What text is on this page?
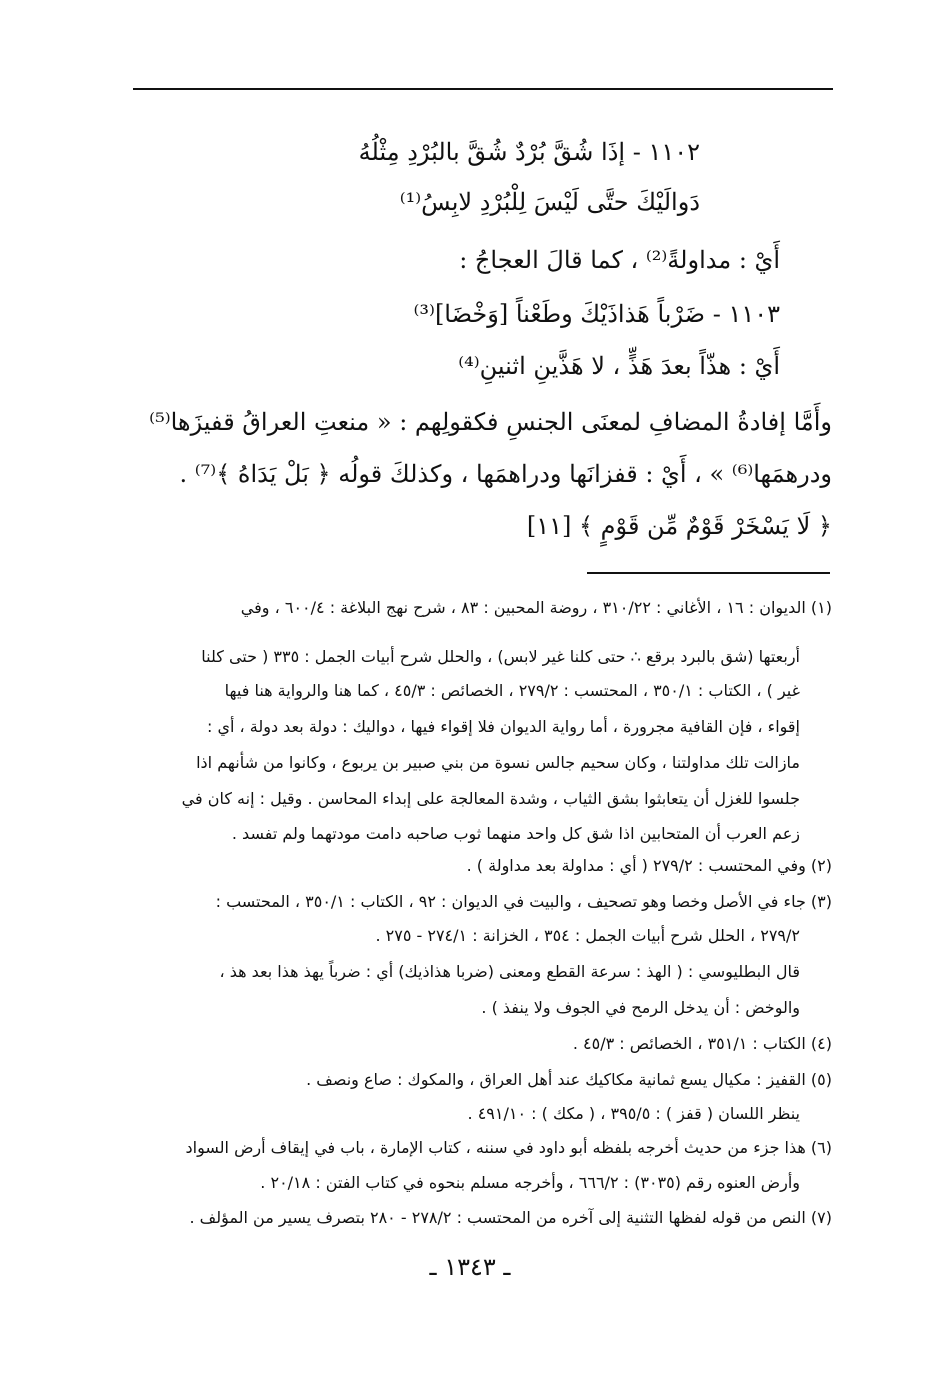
١١٠٢ - إذَا شُقَّ بُرْدٌ شُقَّ بالبُرْدِ مِثْلُهُ
دَوالَيْكَ حتَّى لَيْسَ لِلْبُرْدِ لابِسُ⁽¹⁾
أَيْ : مداولةً⁽²⁾ ، كما قالَ العجاجُ :
١١٠٣ - ضَرْباً هَذاذَيْكَ وطَعْناً [وَخْضَا]⁽³⁾
أَيْ : هذّاً بعدَ هَذٍّ ، لا هَذَّينِ اثنينِ⁽⁴⁾
وأَمَّا إفادةُ المضافِ لمعنَى الجنسِ فكقولِهم : « منعتِ العراقُ قفيزَها⁽⁵⁾
ودرهمَها⁽⁶⁾ » ، أَيْ : قفزانَها ودراهمَها ، وكذلكَ قولُه ﴿ بَلْ يَدَاهُ ﴾⁽⁷⁾ .
﴿ لَا يَسْخَرْ قَوْمٌ مِّن قَوْمٍ ﴾ [١١]
(١) الديوان : ١٦ ، الأغاني : ٣١٠/٢٢ ، روضة المحبين : ٨٣ ، شرح نهج البلاغة : ٦٠٠/٤ ، وفي
أربعتها (شق بالبرد برقع ∴ حتى كلنا غير لابس) ، والحلل شرح أبيات الجمل : ٣٣٥ ( حتى كلنا
غير ) ، الكتاب : ٣٥٠/١ ، المحتسب : ٢٧٩/٢ ، الخصائص : ٤٥/٣ ، كما هنا والرواية هنا فيها
إقواء ، فإن القافية مجرورة ، أما رواية الديوان فلا إقواء فيها ، دواليك : دولة بعد دولة ، أي :
مازالت تلك مداولتنا ، وكان سحيم جالس نسوة من بني صبير بن يربوع ، وكانوا من شأنهم اذا
جلسوا للغزل أن يتعابثوا بشق الثياب ، وشدة المعالجة على إبداء المحاسن . وقيل : إنه كان في
زعم العرب أن المتحابين اذا شق كل واحد منهما ثوب صاحبه دامت مودتهما ولم تفسد .
(٢) وفي المحتسب : ٢٧٩/٢ ( أي : مداولة بعد مداولة ) .
(٣) جاء في الأصل وخصا وهو تصحيف ، والبيت في الديوان : ٩٢ ، الكتاب : ٣٥٠/١ ، المحتسب :
٢٧٩/٢ ، الحلل شرح أبيات الجمل : ٣٥٤ ، الخزانة : ٢٧٤/١ - ٢٧٥ .
قال البطليوسي : ( الهذ : سرعة القطع ومعنى (ضربا هذاذيك) أي : ضرباً يهذ هذا بعد هذ ،
والوخض : أن يدخل الرمح في الجوف ولا ينفذ ) .
(٤) الكتاب : ٣٥١/١ ، الخصائص : ٤٥/٣ .
(٥) القفيز : مكيال يسع ثمانية مكاكيك عند أهل العراق ، والمكوك : صاع ونصف .
ينظر اللسان ( قفز ) : ٣٩٥/٥ ، ( مكك ) : ٤٩١/١٠ .
(٦) هذا جزء من حديث أخرجه بلفظه أبو داود في سننه ، كتاب الإمارة ، باب في إيقاف أرض السواد
وأرض العنوه رقم (٣٠٣٥) : ٦٦٦/٢ ، وأخرجه مسلم بنحوه في كتاب الفتن : ٢٠/١٨ .
(٧) النص من قوله لفظها التثنية إلى آخره من المحتسب : ٢٧٨/٢ - ٢٨٠ بتصرف يسير من المؤلف .
ـ ١٣٤٣ ـ
